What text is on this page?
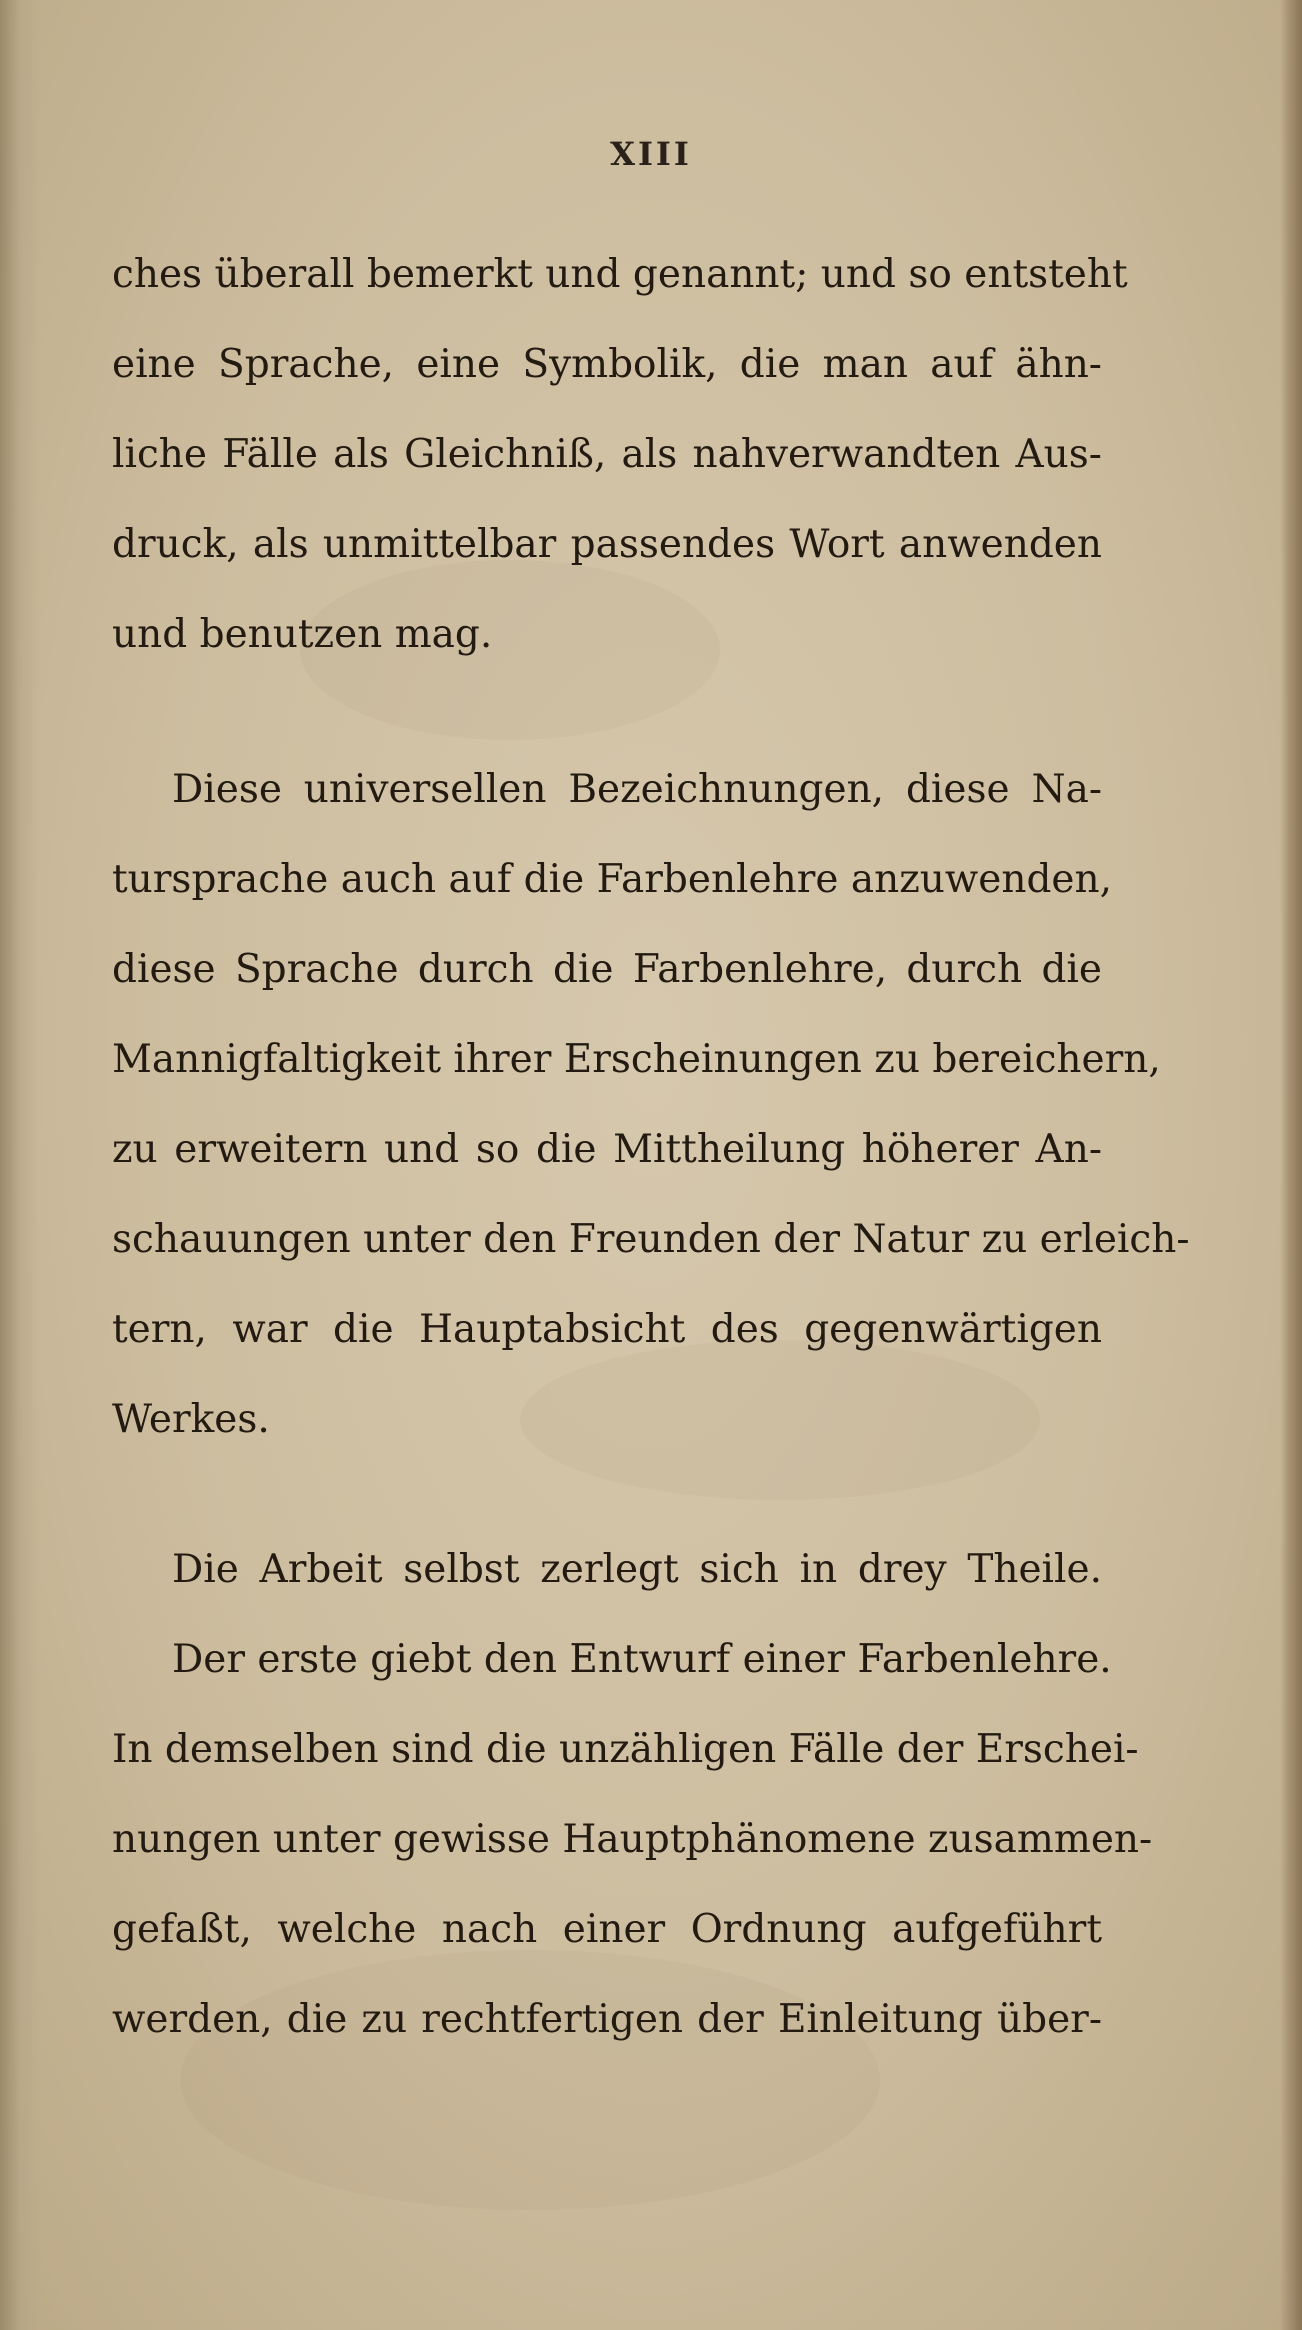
XIII
ches überall bemerkt und genannt; und so entsteht
eine Sprache, eine Symbolik, die man auf ähn-
liche Fälle als Gleichniß, als nahverwandten Aus-
druck, als unmittelbar passendes Wort anwenden
und benutzen mag.
Diese universellen Bezeichnungen, diese Na-
tursprache auch auf die Farbenlehre anzuwenden,
diese Sprache durch die Farbenlehre, durch die
Mannigfaltigkeit ihrer Erscheinungen zu bereichern,
zu erweitern und so die Mittheilung höherer An-
schauungen unter den Freunden der Natur zu erleich-
tern, war die Hauptabsicht des gegenwärtigen
Werkes.
Die Arbeit selbst zerlegt sich in drey Theile.
Der erste giebt den Entwurf einer Farbenlehre.
In demselben sind die unzähligen Fälle der Erschei-
nungen unter gewisse Hauptphänomene zusammen-
gefaßt, welche nach einer Ordnung aufgeführt
werden, die zu rechtfertigen der Einleitung über-
